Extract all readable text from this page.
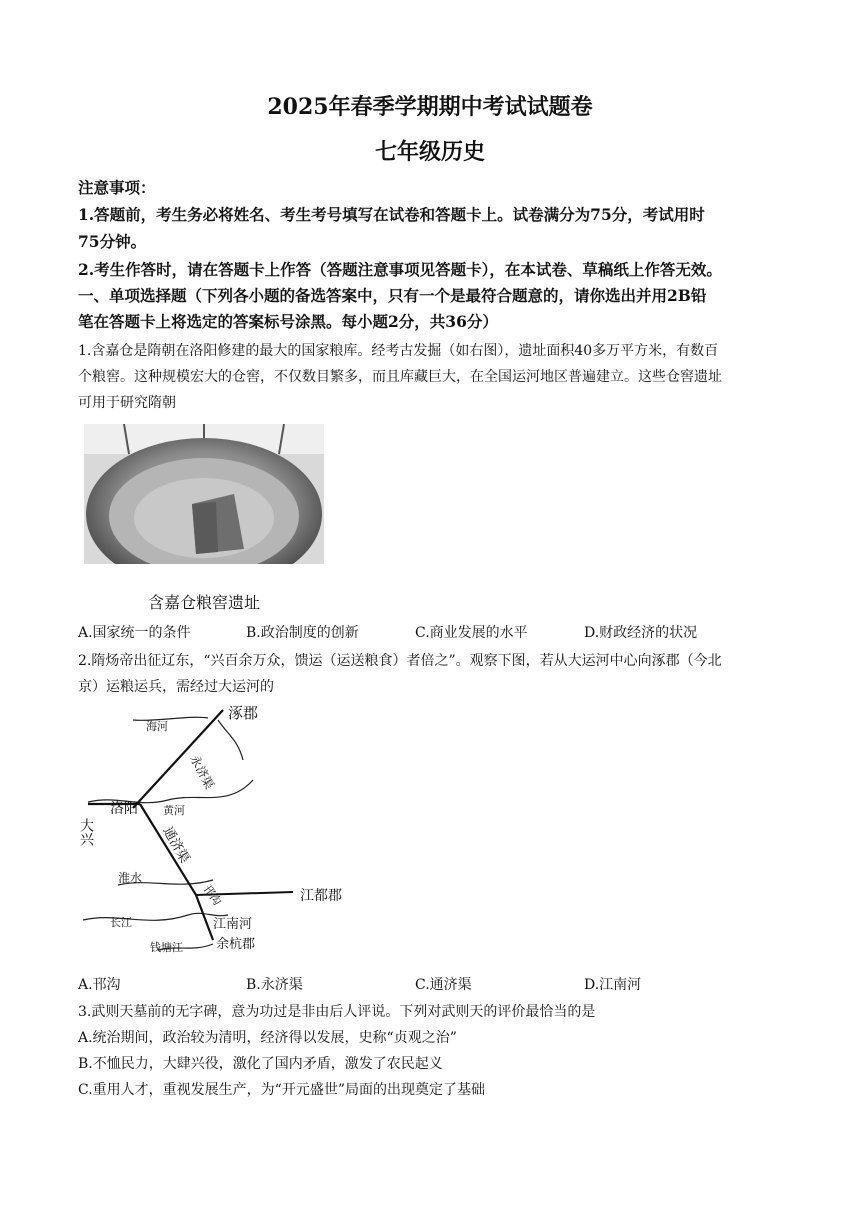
2025年春季学期期中考试试题卷
七年级历史
注意事项：
1.答题前，考生务必将姓名、考生考号填写在试卷和答题卡上。试卷满分为75分，考试用时
75分钟。
2.考生作答时，请在答题卡上作答（答题注意事项见答题卡），在本试卷、草稿纸上作答无效。
一、单项选择题（下列各小题的备选答案中，只有一个是最符合题意的，请你选出并用2B铅
笔在答题卡上将选定的答案标号涂黑。每小题2分，共36分）
1.含嘉仓是隋朝在洛阳修建的最大的国家粮库。经考古发掘（如右图），遗址面积40多万平方米，有数百
个粮窖。这种规模宏大的仓窖，不仅数目繁多，而且库藏巨大，在全国运河地区普遍建立。这些仓窖遗址
可用于研究隋朝
含嘉仓粮窖遗址
A.国家统一的条件	B.政治制度的创新	C.商业发展的水平	D.财政经济的状况
2.隋炀帝出征辽东，“兴百余万众，馈运（运送粮食）者倍之”。观察下图，若从大运河中心向涿郡（今北
京）运粮运兵，需经过大运河的
涿郡
海河
永济渠
洛阳
大兴
黄河
通济渠
淮水
邗沟	江都郡
长江	江南河
余杭郡
钱塘江
A.邗沟	B.永济渠	C.通济渠	D.江南河
3.武则天墓前的无字碑，意为功过是非由后人评说。下列对武则天的评价最恰当的是
A.统治期间，政治较为清明，经济得以发展，史称“贞观之治”
B.不恤民力，大肆兴役，激化了国内矛盾，激发了农民起义
C.重用人才，重视发展生产，为“开元盛世”局面的出现奠定了基础
